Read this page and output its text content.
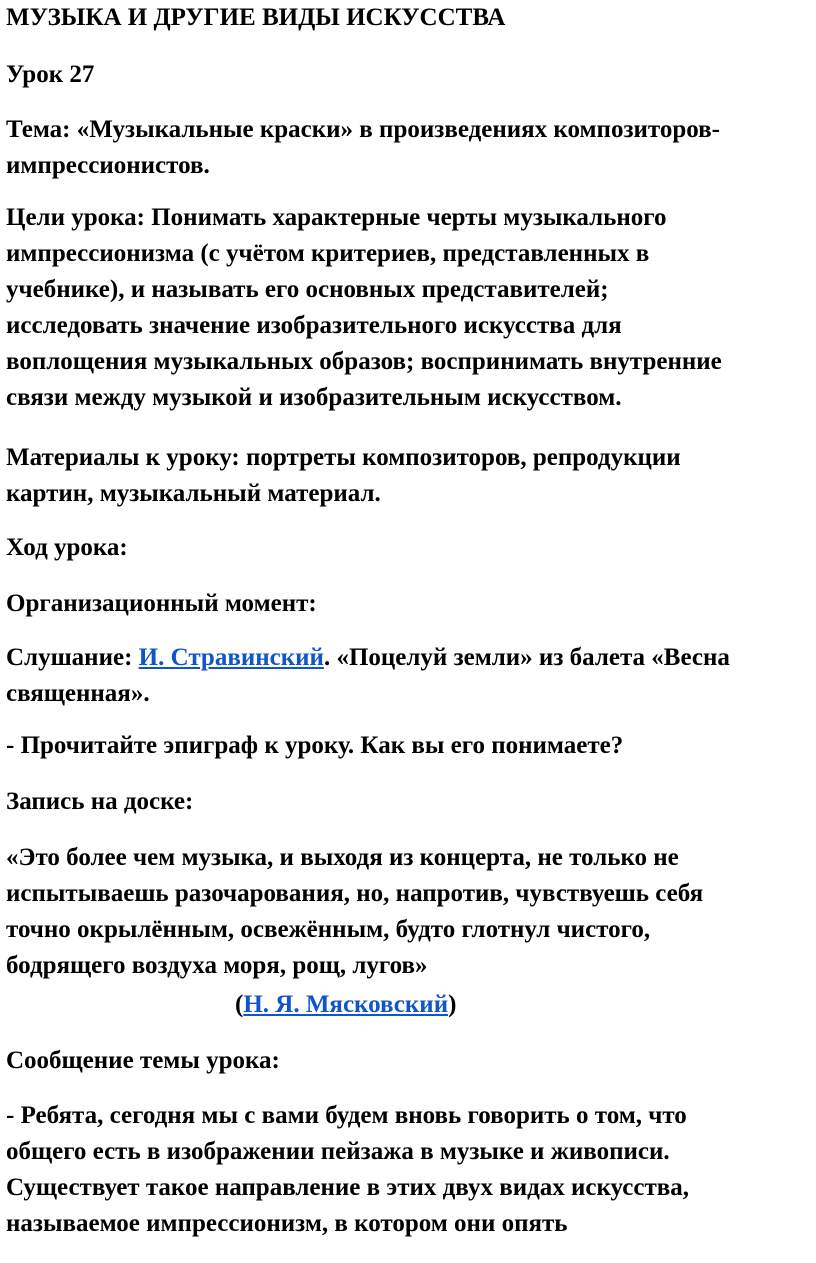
МУЗЫКА И ДРУГИЕ ВИДЫ ИСКУССТВА

Урок 27

Тема: «Музыкальные краски» в произведениях композиторов-
импрессионистов.

Цели урока: Понимать характерные черты музыкального
импрессионизма (с учётом критериев, представленных в
учебнике), и называть его основных представителей;
исследовать значение изобразительного искусства для
воплощения музыкальных образов; воспринимать внутренние
связи между музыкой и изобразительным искусством.

Материалы к уроку: портреты композиторов, репродукции
картин, музыкальный материал.

Ход урока:

Организационный момент:

Слушание: И. Стравинский. «Поцелуй земли» из балета «Весна
священная».

- Прочитайте эпиграф к уроку. Как вы его понимаете?

Запись на доске:

«Это более чем музыка, и выходя из концерта, не только не
испытываешь разочарования, но, напротив, чувствуешь себя
точно окрылённым, освежённым, будто глотнул чистого,
бодрящего воздуха моря, рощ, лугов»

(Н. Я. Мясковский)

Сообщение темы урока:

- Ребята, сегодня мы с вами будем вновь говорить о том, что
общего есть в изображении пейзажа в музыке и живописи.
Существует такое направление в этих двух видах искусства,
называемое импрессионизм, в котором они опять
